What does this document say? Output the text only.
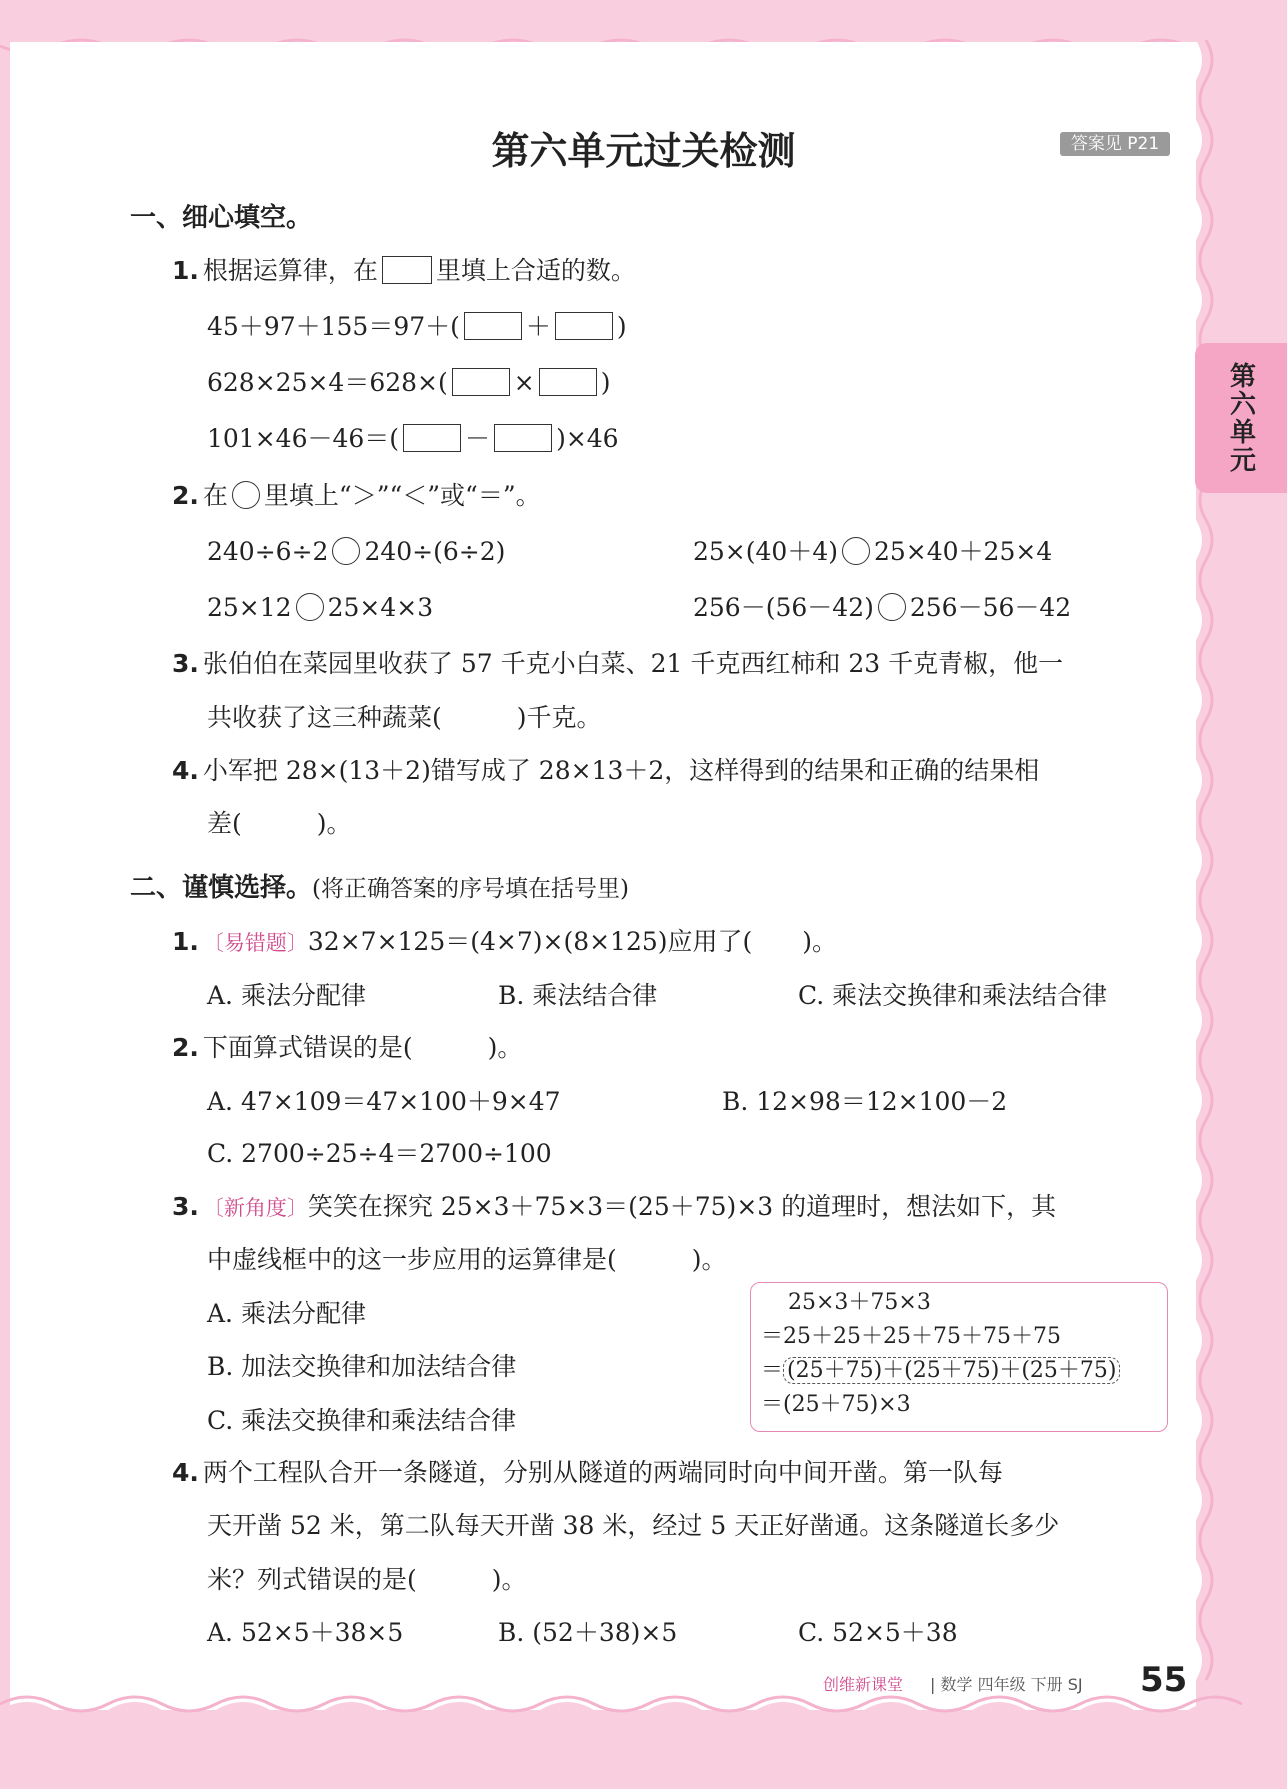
第六单元
第六单元过关检测	答案见 P21
一、细心填空。
1. 根据运算律，在 里填上合适的数。
45＋97＋155＝97＋(	＋	)
628×25×4＝628×(	×	)
101×46－46＝(	－	)×46
2. 在 里填上“＞”“＜”或“＝”。
240÷6÷2 240÷(6÷2)	25×(40＋4) 25×40＋25×4
25×12 25×4×3	256－(56－42) 256－56－42
3. 张伯伯在菜园里收获了 57 千克小白菜、21 千克西红柿和 23 千克青椒，他一
共收获了这三种蔬菜(　　　)千克。
4. 小军把 28×(13＋2)错写成了 28×13＋2，这样得到的结果和正确的结果相
差(　　　)。
二、谨慎选择。(将正确答案的序号填在括号里)
1. 〔易错题〕32×7×125＝(4×7)×(8×125)应用了(　　)。
A. 乘法分配律	B. 乘法结合律	C. 乘法交换律和乘法结合律
2. 下面算式错误的是(　　　)。
A. 47×109＝47×100＋9×47	B. 12×98＝12×100－2
C. 2700÷25÷4＝2700÷100
3. 〔新角度〕笑笑在探究 25×3＋75×3＝(25＋75)×3 的道理时，想法如下，其
中虚线框中的这一步应用的运算律是(　　　)。
A. 乘法分配律
B. 加法交换律和加法结合律
C. 乘法交换律和乘法结合律
25×3＋75×3
＝25＋25＋25＋75＋75＋75
＝ (25＋75)＋(25＋75)＋(25＋75)
＝(25＋75)×3
4. 两个工程队合开一条隧道，分别从隧道的两端同时向中间开凿。第一队每
天开凿 52 米，第二队每天开凿 38 米，经过 5 天正好凿通。这条隧道长多少
米？列式错误的是(　　　)。
A. 52×5＋38×5	B. (52＋38)×5	C. 52×5＋38
创维新课堂 | 数学 四年级 下册 SJ 55
